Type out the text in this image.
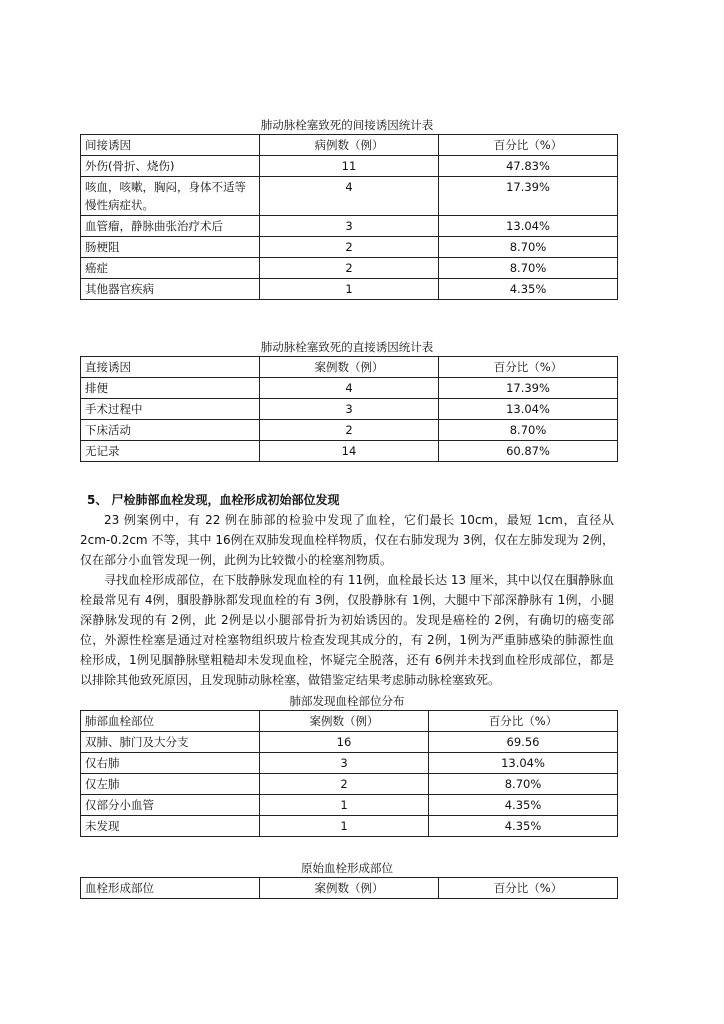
肺动脉栓塞致死的间接诱因统计表
间接诱因	病例数（例）	百分比（%）
外伤(骨折、烧伤)	11	47.83%
咳血，咳嗽，胸闷，身体不适等慢性病症状。	4	17.39%
血管瘤，静脉曲张治疗术后	3	13.04%
肠梗阻	2	8.70%
癌症	2	8.70%
其他器官疾病	1	4.35%
肺动脉栓塞致死的直接诱因统计表
直接诱因	案例数（例）	百分比（%）
排便	4	17.39%
手术过程中	3	13.04%
下床活动	2	8.70%
无记录	14	60.87%
5、 尸检肺部血栓发现，血栓形成初始部位发现
23 例案例中，有 22 例在肺部的检验中发现了血栓，它们最长 10cm，最短 1cm，直径从 2cm-0.2cm 不等，其中 16例在双肺发现血栓样物质，仅在右肺发现为 3例，仅在左肺发现为 2例，仅在部分小血管发现一例，此例为比较微小的栓塞剂物质。
寻找血栓形成部位，在下肢静脉发现血栓的有 11例，血栓最长达 13 厘米，其中以仅在腘静脉血栓最常见有 4例，腘股静脉都发现血栓的有 3例，仅股静脉有 1例，大腿中下部深静脉有 1例，小腿深静脉发现的有 2例，此 2例是以小腿部骨折为初始诱因的。发现是癌栓的 2例，有确切的癌变部位，外源性栓塞是通过对栓塞物组织玻片检查发现其成分的，有 2例，1例为严重肺感染的肺源性血栓形成，1例见腘静脉壁粗糙却未发现血栓，怀疑完全脱落，还有 6例并未找到血栓形成部位，都是以排除其他致死原因，且发现肺动脉栓塞，做错鉴定结果考虑肺动脉栓塞致死。
肺部发现血栓部位分布
肺部血栓部位	案例数（例）	百分比（%）
双肺、肺门及大分支	16	69.56
仅右肺	3	13.04%
仅左肺	2	8.70%
仅部分小血管	1	4.35%
未发现	1	4.35%
原始血栓形成部位
血栓形成部位	案例数（例）	百分比（%）
